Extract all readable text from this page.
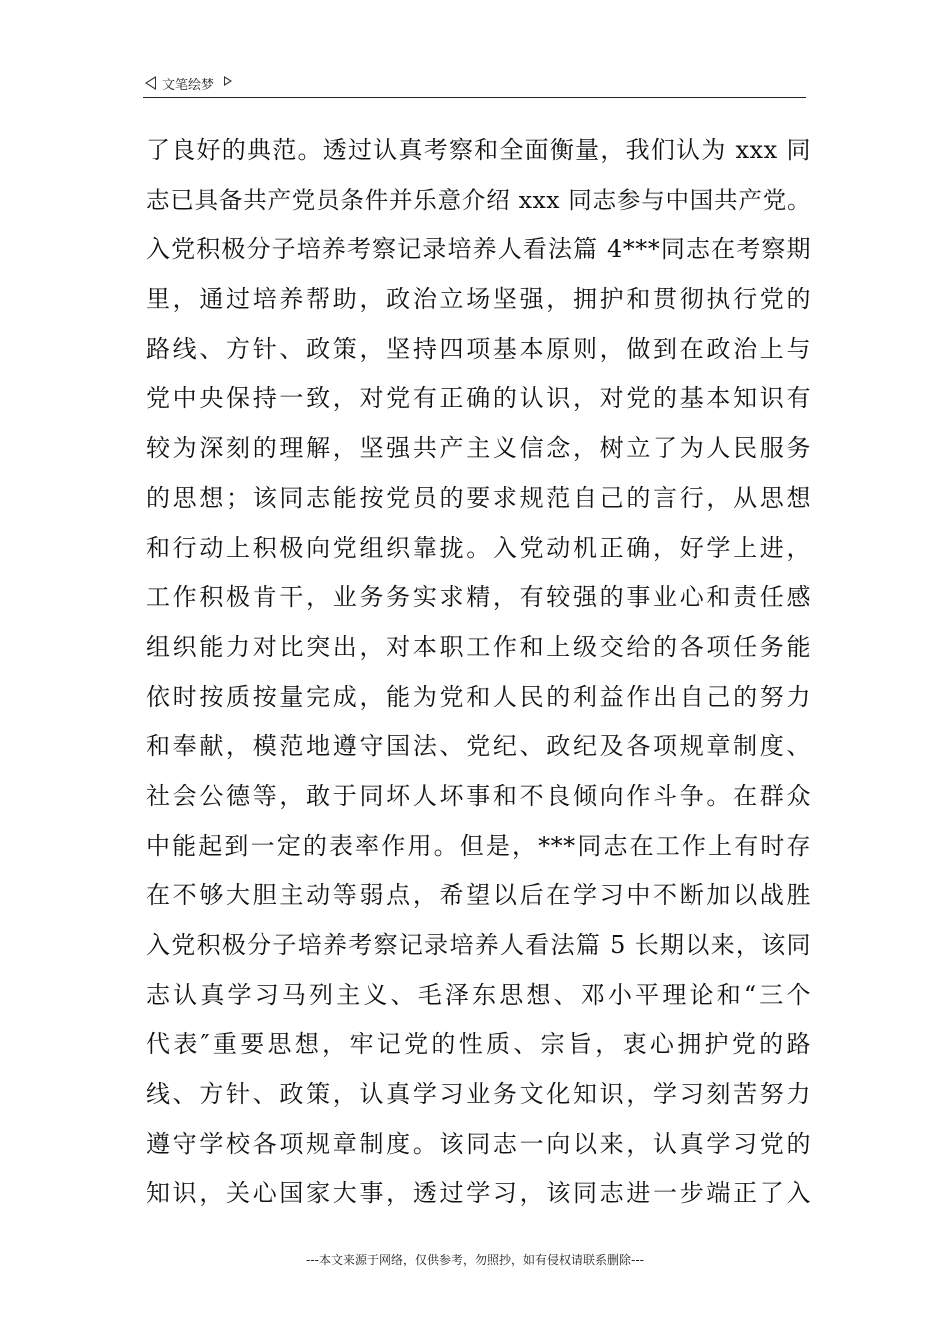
文笔绘梦
了良好的典范。透过认真考察和全面衡量，我们认为 xxx 同
志已具备共产党员条件并乐意介绍 xxx 同志参与中国共产党。
入党积极分子培养考察记录培养人看法篇 4***同志在考察期
里，通过培养帮助，政治立场坚强，拥护和贯彻执行党的
路线、方针、政策，坚持四项基本原则，做到在政治上与
党中央保持一致，对党有正确的认识，对党的基本知识有
较为深刻的理解，坚强共产主义信念，树立了为人民服务
的思想；该同志能按党员的要求规范自己的言行，从思想
和行动上积极向党组织靠拢。入党动机正确，好学上进，
工作积极肯干，业务务实求精，有较强的事业心和责任感
组织能力对比突出，对本职工作和上级交给的各项任务能
依时按质按量完成，能为党和人民的利益作出自己的努力
和奉献，模范地遵守国法、党纪、政纪及各项规章制度、
社会公德等，敢于同坏人坏事和不良倾向作斗争。在群众
中能起到一定的表率作用。但是，***同志在工作上有时存
在不够大胆主动等弱点，希望以后在学习中不断加以战胜
入党积极分子培养考察记录培养人看法篇 5 长期以来，该同
志认真学习马列主义、毛泽东思想、邓小平理论和“三个
代表″重要思想，牢记党的性质、宗旨，衷心拥护党的路
线、方针、政策，认真学习业务文化知识，学习刻苦努力
遵守学校各项规章制度。该同志一向以来，认真学习党的
知识，关心国家大事，透过学习，该同志进一步端正了入
---本文来源于网络，仅供参考，勿照抄，如有侵权请联系删除---
